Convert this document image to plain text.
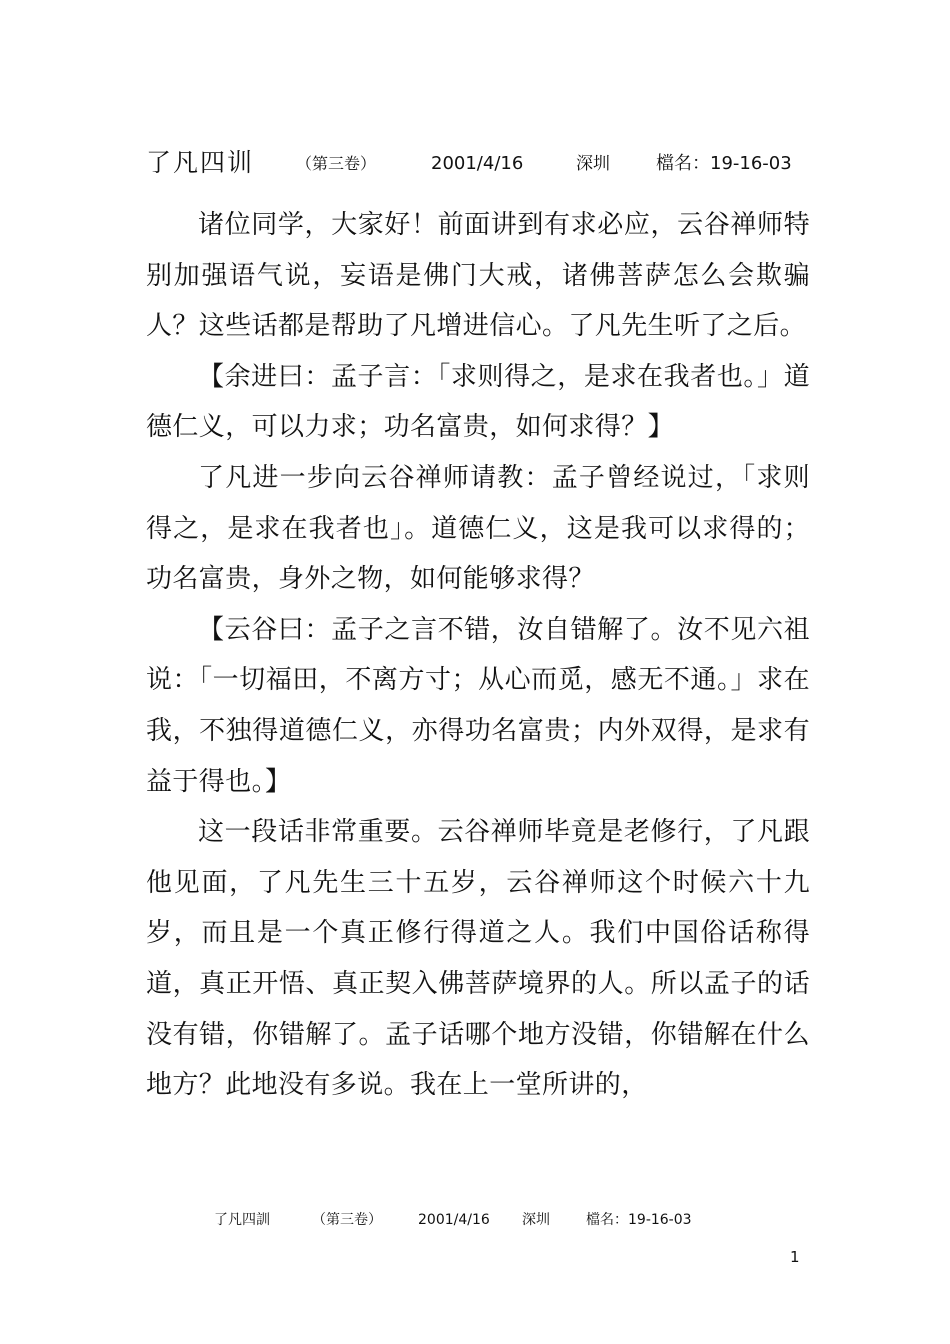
了凡四训	（第三卷）	2001/4/16	深圳	檔名：19-16-03

诸位同学，大家好！前面讲到有求必应，云谷禅师特别加强语气说，妄语是佛门大戒，诸佛菩萨怎么会欺骗人？这些话都是帮助了凡增进信心。了凡先生听了之后。

【余进曰：孟子言：「求则得之，是求在我者也。」道德仁义，可以力求；功名富贵，如何求得？】

了凡进一步向云谷禅师请教：孟子曾经说过，「求则得之，是求在我者也」。道德仁义，这是我可以求得的；功名富贵，身外之物，如何能够求得？

【云谷曰：孟子之言不错，汝自错解了。汝不见六祖说：「一切福田，不离方寸；从心而觅，感无不通。」求在我，不独得道德仁义，亦得功名富贵；内外双得，是求有益于得也。】

这一段话非常重要。云谷禅师毕竟是老修行，了凡跟他见面，了凡先生三十五岁，云谷禅师这个时候六十九岁，而且是一个真正修行得道之人。我们中国俗话称得道，真正开悟、真正契入佛菩萨境界的人。所以孟子的话没有错，你错解了。孟子话哪个地方没错，你错解在什么地方？此地没有多说。我在上一堂所讲的，

了凡四訓	（第三卷）	2001/4/16 深圳	檔名：19-16-03
1
